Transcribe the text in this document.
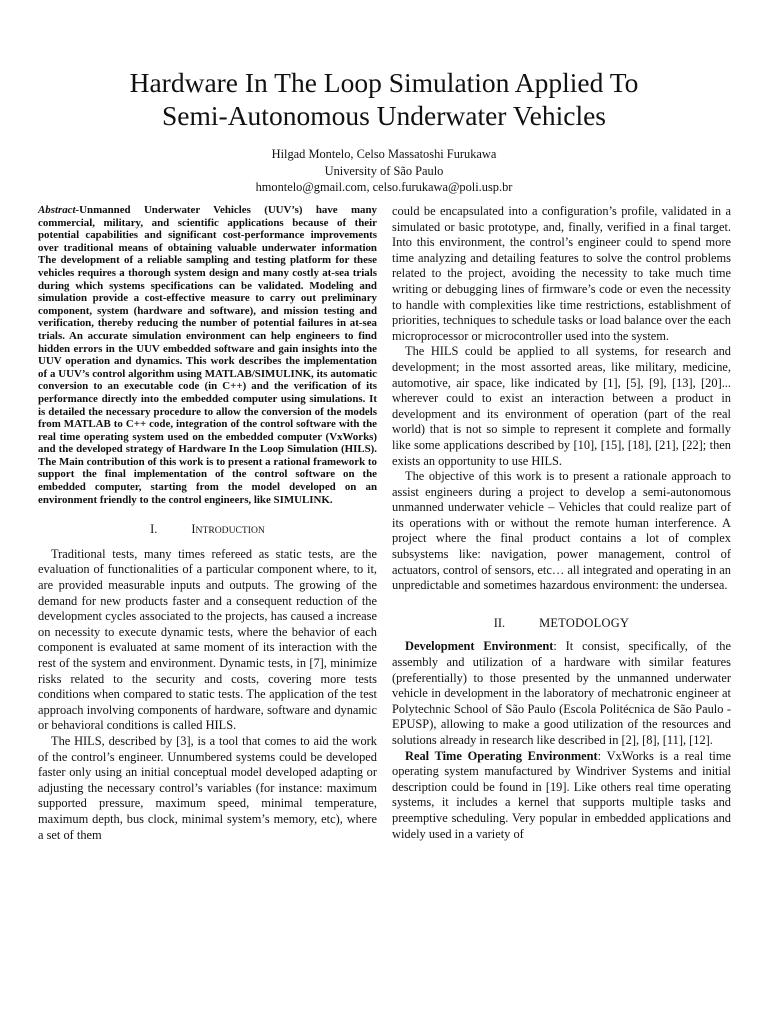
Hardware In The Loop Simulation Applied To
Semi-Autonomous Underwater Vehicles
Hilgad Montelo, Celso Massatoshi Furukawa
University of São Paulo
hmontelo@gmail.com, celso.furukawa@poli.usp.br
Abstract-Unmanned Underwater Vehicles (UUV’s) have many commercial, military, and scientific applications because of their potential capabilities and significant cost-performance improvements over traditional means of obtaining valuable underwater information The development of a reliable sampling and testing platform for these vehicles requires a thorough system design and many costly at-sea trials during which systems specifications can be validated. Modeling and simulation provide a cost-effective measure to carry out preliminary component, system (hardware and software), and mission testing and verification, thereby reducing the number of potential failures in at-sea trials. An accurate simulation environment can help engineers to find hidden errors in the UUV embedded software and gain insights into the UUV operation and dynamics. This work describes the implementation of a UUV’s control algorithm using MATLAB/SIMULINK, its automatic conversion to an executable code (in C++) and the verification of its performance directly into the embedded computer using simulations. It is detailed the necessary procedure to allow the conversion of the models from MATLAB to C++ code, integration of the control software with the real time operating system used on the embedded computer (VxWorks) and the developed strategy of Hardware In the Loop Simulation (HILS). The Main contribution of this work is to present a rational framework to support the final implementation of the control software on the embedded computer, starting from the model developed on an environment friendly to the control engineers, like SIMULINK.
I.	INTRODUCTION

Traditional tests, many times refereed as static tests, are the evaluation of functionalities of a particular component where, to it, are provided measurable inputs and outputs. The growing of the demand for new products faster and a consequent reduction of the development cycles associated to the projects, has caused a increase on necessity to execute dynamic tests, where the behavior of each component is evaluated at same moment of its interaction with the rest of the system and environment. Dynamic tests, in [7], minimize risks related to the security and costs, covering more tests conditions when compared to static tests. The application of the test approach involving components of hardware, software and dynamic or behavioral conditions is called HILS.

The HILS, described by [3], is a tool that comes to aid the work of the control’s engineer. Unnumbered systems could be developed faster only using an initial conceptual model developed adapting or adjusting the necessary control’s variables (for instance: maximum supported pressure, maximum speed, minimal temperature, maximum depth, bus clock, minimal system’s memory, etc), where a set of them

could be encapsulated into a configuration’s profile, validated in a simulated or basic prototype, and, finally, verified in a final target. Into this environment, the control’s engineer could to spend more time analyzing and detailing features to solve the control problems related to the project, avoiding the necessity to take much time writing or debugging lines of firmware’s code or even the necessity to handle with complexities like time restrictions, establishment of priorities, techniques to schedule tasks or load balance over the each microprocessor or microcontroller used into the system.

The HILS could be applied to all systems, for research and development; in the most assorted areas, like military, medicine, automotive, air space, like indicated by [1], [5], [9], [13], [20]... wherever could to exist an interaction between a product in development and its environment of operation (part of the real world) that is not so simple to represent it complete and formally like some applications described by [10], [15], [18], [21], [22]; then exists an opportunity to use HILS.

The objective of this work is to present a rationale approach to assist engineers during a project to develop a semi-autonomous unmanned underwater vehicle – Vehicles that could realize part of its operations with or without the remote human interference. A project where the final product contains a lot of complex subsystems like: navigation, power management, control of actuators, control of sensors, etc… all integrated and operating in an unpredictable and sometimes hazardous environment: the undersea.

II.	METODOLOGY

Development Environment: It consist, specifically, of the assembly and utilization of a hardware with similar features (preferentially) to those presented by the unmanned underwater vehicle in development in the laboratory of mechatronic engineer at Polytechnic School of São Paulo (Escola Politécnica de São Paulo - EPUSP), allowing to make a good utilization of the resources and solutions already in research like described in [2], [8], [11], [12].

Real Time Operating Environment: VxWorks is a real time operating system manufactured by Windriver Systems and initial description could be found in [19]. Like others real time operating systems, it includes a kernel that supports multiple tasks and preemptive scheduling. Very popular in embedded applications and widely used in a variety of
